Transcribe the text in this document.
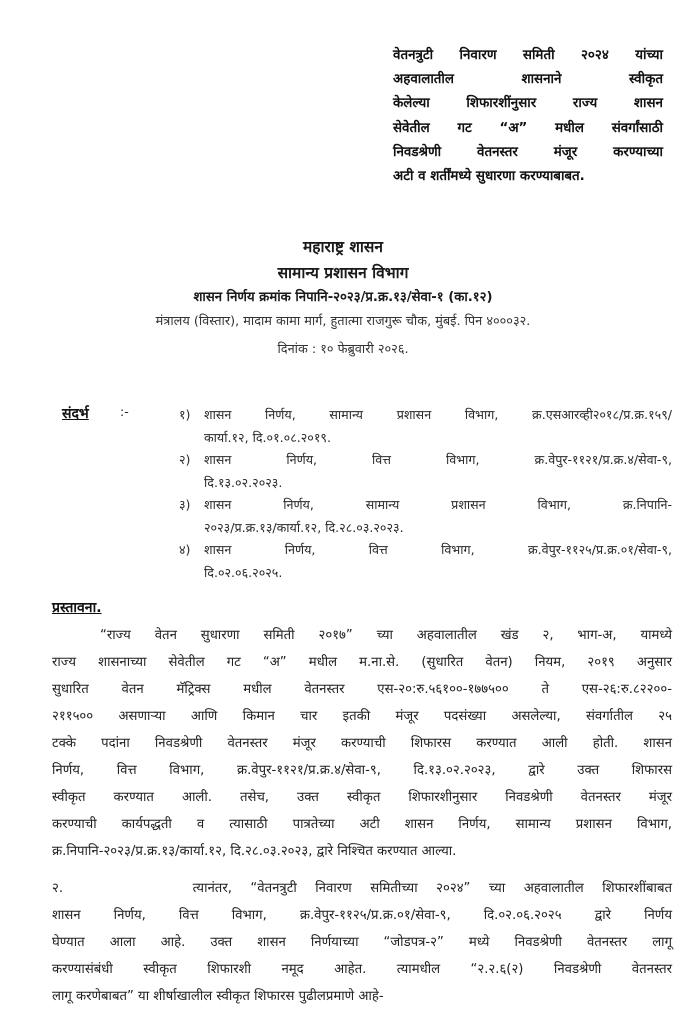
वेतनत्रुटी निवारण समिती २०२४ यांच्या
अहवालातील शासनाने स्वीकृत
केलेल्या शिफारशींनुसार राज्य शासन
सेवेतील गट “अ” मधील संवर्गांसाठी
निवडश्रेणी वेतनस्तर मंजूर करण्याच्या
अटी व शर्तींमध्ये सुधारणा करण्याबाबत.
महाराष्ट्र शासन
सामान्य प्रशासन विभाग
शासन निर्णय क्रमांक निपानि-२०२३/प्र.क्र.१३/सेवा-१ (का.१२)
मंत्रालय (विस्तार), मादाम कामा मार्ग, हुतात्मा राजगुरू चौक, मुंबई. पिन ४०००३२.
दिनांक : १० फेब्रुवारी २०२६.
संदर्भ :-	१) शासन निर्णय, सामान्य प्रशासन विभाग, क्र.एसआरव्ही२०१८/प्र.क्र.१५९/
कार्या.१२, दि.०१.०८.२०१९.
२) शासन निर्णय, वित्त विभाग, क्र.वेपुर-११२१/प्र.क्र.४/सेवा-९,
दि.१३.०२.२०२३.
३) शासन निर्णय, सामान्य प्रशासन विभाग, क्र.निपानि-
२०२३/प्र.क्र.१३/कार्या.१२, दि.२८.०३.२०२३.
४) शासन निर्णय, वित्त विभाग, क्र.वेपुर-११२५/प्र.क्र.०१/सेवा-९,
दि.०२.०६.२०२५.
प्रस्तावना.
“राज्य वेतन सुधारणा समिती २०१७” च्या अहवालातील खंड २, भाग-अ, यामध्ये
राज्य शासनाच्या सेवेतील गट “अ” मधील म.ना.से. (सुधारित वेतन) नियम, २०१९ अनुसार
सुधारित वेतन मॅट्रिक्स मधील वेतनस्तर एस-२०:रु.५६१००-१७७५०० ते एस-२६:रु.८२२००-
२११५०० असणाऱ्या आणि किमान चार इतकी मंजूर पदसंख्या असलेल्या, संवर्गातील २५
टक्के पदांना निवडश्रेणी वेतनस्तर मंजूर करण्याची शिफारस करण्यात आली होती. शासन
निर्णय, वित्त विभाग, क्र.वेपुर-११२१/प्र.क्र.४/सेवा-९, दि.१३.०२.२०२३, द्वारे उक्त शिफारस
स्वीकृत करण्यात आली. तसेच, उक्त स्वीकृत शिफारशीनुसार निवडश्रेणी वेतनस्तर मंजूर
करण्याची कार्यपद्धती व त्यासाठी पात्रतेच्या अटी शासन निर्णय, सामान्य प्रशासन विभाग,
क्र.निपानि-२०२३/प्र.क्र.१३/कार्या.१२, दि.२८.०३.२०२३, द्वारे निश्चित करण्यात आल्या.
२.       त्यानंतर, “वेतनत्रुटी निवारण समितीच्या २०२४” च्या अहवालातील शिफारशींबाबत
शासन निर्णय, वित्त विभाग, क्र.वेपुर-११२५/प्र.क्र.०१/सेवा-९, दि.०२.०६.२०२५ द्वारे निर्णय
घेण्यात आला आहे. उक्त शासन निर्णयाच्या “जोडपत्र-२” मध्ये निवडश्रेणी वेतनस्तर लागू
करण्यासंबंधी स्वीकृत शिफारशी नमूद आहेत. त्यामधील “२.२.६(२) निवडश्रेणी वेतनस्तर
लागू करणेबाबत” या शीर्षाखालील स्वीकृत शिफारस पुढीलप्रमाणे आहे-
